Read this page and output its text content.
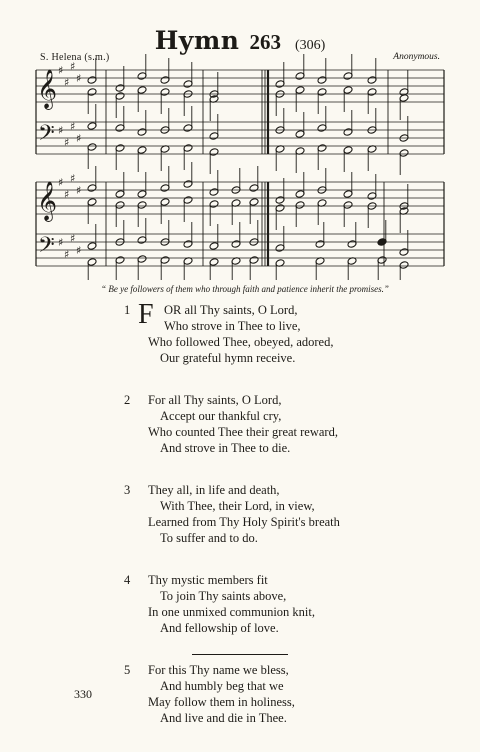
Hymn 263 (306)
S. Helena (s.m.)	Anonymous.
𝄞
𝄢
♯
♯
♯
♯
♯
♯
♯
♯
𝄞
𝄢
♯
♯
♯
♯
♯
♯
♯
♯
“ Be ye followers of them who through faith and patience inherit the promises.”
1 F OR all Thy saints, O Lord,
Who strove in Thee to live,
Who followed Thee, obeyed, adored,
Our grateful hymn receive.
2 For all Thy saints, O Lord,
Accept our thankful cry,
Who counted Thee their great reward,
And strove in Thee to die.
3 They all, in life and death,
With Thee, their Lord, in view,
Learned from Thy Holy Spirit's breath
To suffer and to do.
4 Thy mystic members fit
To join Thy saints above,
In one unmixed communion knit,
And fellowship of love.
5 For this Thy name we bless,
And humbly beg that we
May follow them in holiness,
And live and die in Thee.
330
